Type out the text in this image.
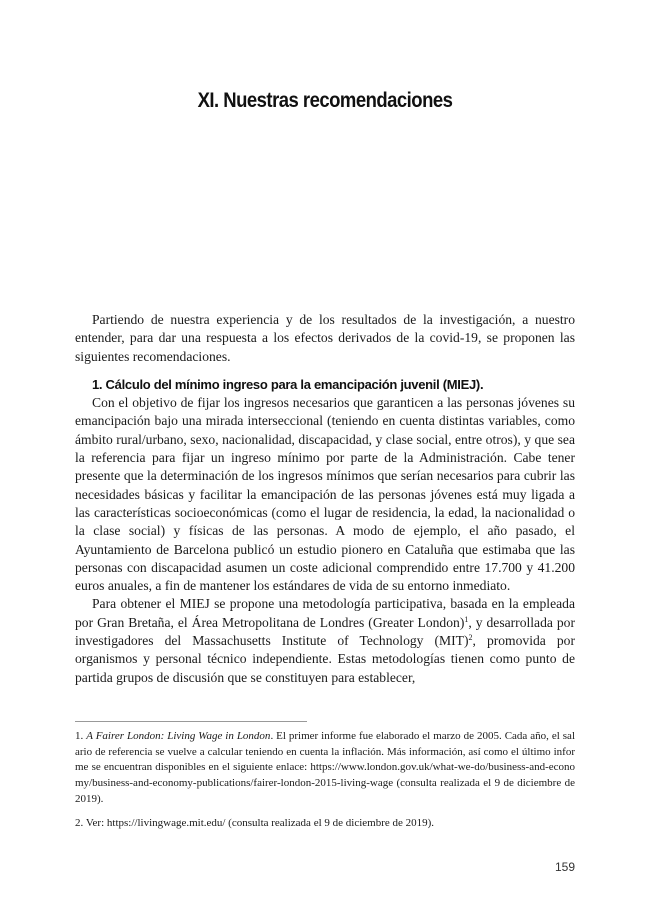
XI. Nuestras recomendaciones

Partiendo de nuestra experiencia y de los resultados de la investigación, a nuestro entender, para dar una respuesta a los efectos derivados de la covid-19, se proponen las siguientes recomendaciones.

1. Cálculo del mínimo ingreso para la emancipación juvenil (MIEJ).

Con el objetivo de fijar los ingresos necesarios que garanticen a las personas jóvenes su emancipación bajo una mirada interseccional (teniendo en cuenta distintas variables, como ámbito rural/urbano, sexo, nacionalidad, discapacidad, y clase social, entre otros), y que sea la referencia para fijar un ingreso mínimo por parte de la Administración. Cabe tener presente que la determinación de los ingresos mínimos que serían necesarios para cubrir las necesidades básicas y facilitar la emancipación de las personas jóvenes está muy ligada a las características socioeconómicas (como el lugar de residencia, la edad, la nacionalidad o la clase social) y físicas de las personas. A modo de ejemplo, el año pasado, el Ayuntamiento de Barcelona publicó un estudio pionero en Cataluña que estimaba que las personas con discapacidad asumen un coste adicional comprendido entre 17.700 y 41.200 euros anuales, a fin de mantener los estándares de vida de su entorno inmediato.

Para obtener el MIEJ se propone una metodología participativa, basada en la empleada por Gran Bretaña, el Área Metropolitana de Londres (Greater London)$^1$, y desarrollada por investigadores del Massachusetts Institute of Technology (MIT)$^2$, promovida por organismos y personal técnico independiente. Estas metodologías tienen como punto de partida grupos de discusión que se constituyen para establecer,

1. A Fairer London: Living Wage in London. El primer informe fue elaborado el marzo de 2005. Cada año, el salario de referencia se vuelve a calcular teniendo en cuenta la inflación. Más información, así como el último informe se encuentran disponibles en el siguiente enlace: https://www.london.gov.uk/what-we-do/business-and-economy/business-and-economy-publications/fairer-london-2015-living-wage (consulta realizada el 9 de diciembre de 2019).

2. Ver: https://livingwage.mit.edu/ (consulta realizada el 9 de diciembre de 2019).

159
